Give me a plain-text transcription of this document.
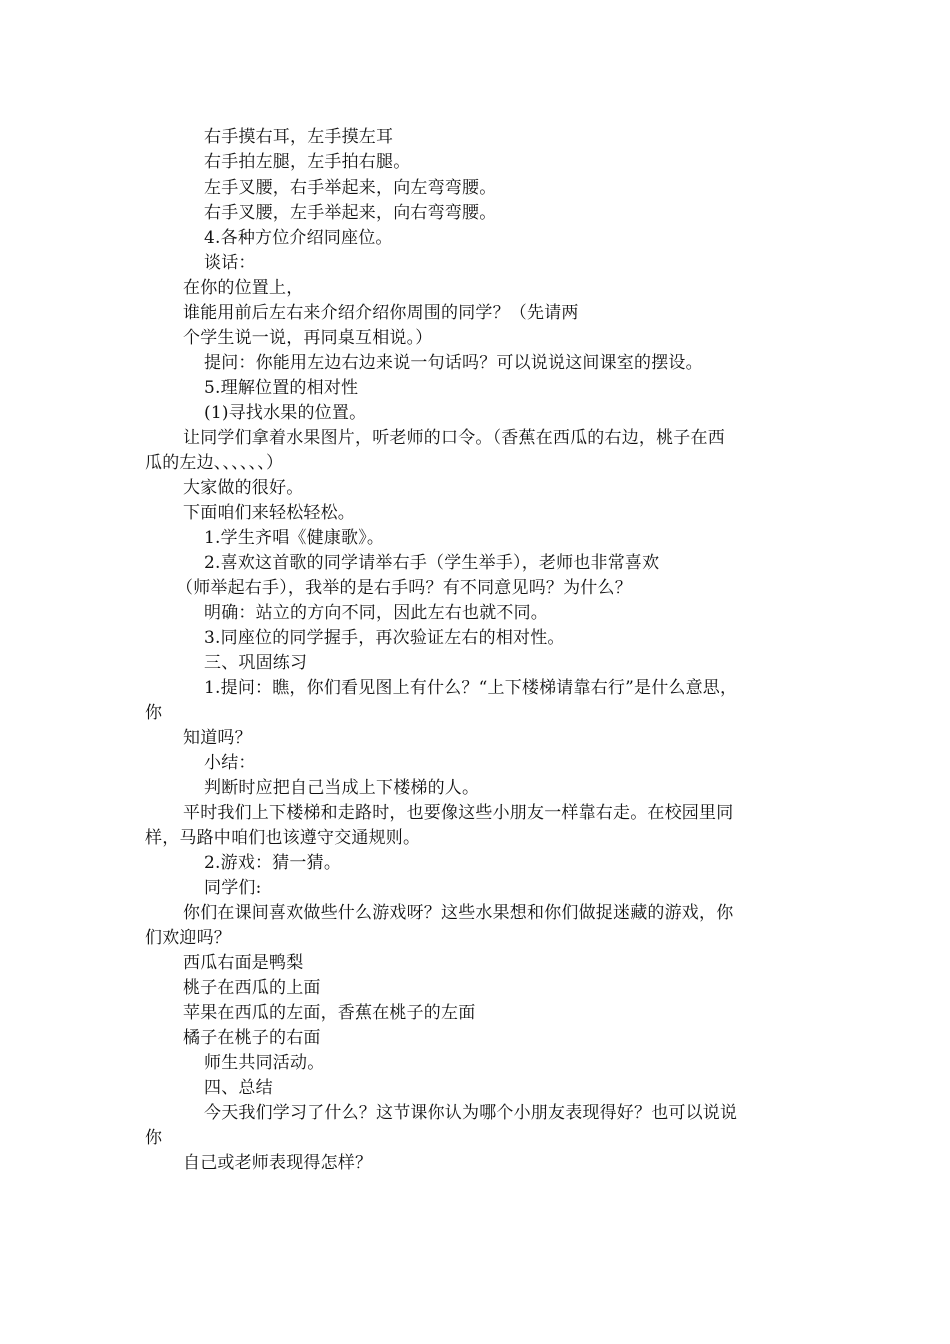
右手摸右耳，左手摸左耳
右手拍左腿，左手拍右腿。
左手叉腰，右手举起来，向左弯弯腰。
右手叉腰，左手举起来，向右弯弯腰。
4.各种方位介绍同座位。
谈话：
在你的位置上，
谁能用前后左右来介绍介绍你周围的同学？（先请两
个学生说一说，再同桌互相说。）
提问：你能用左边右边来说一句话吗？可以说说这间课室的摆设。
5.理解位置的相对性
(1)寻找水果的位置。
让同学们拿着水果图片，听老师的口令。（香蕉在西瓜的右边，桃子在西
瓜的左边、、、、、、）
大家做的很好。
下面咱们来轻松轻松。
1.学生齐唱《健康歌》。
2.喜欢这首歌的同学请举右手（学生举手），老师也非常喜欢
（师举起右手），我举的是右手吗？有不同意见吗？为什么？
明确：站立的方向不同，因此左右也就不同。
3.同座位的同学握手，再次验证左右的相对性。
三、巩固练习
1.提问：瞧，你们看见图上有什么？“上下楼梯请靠右行”是什么意思，
你
知道吗？
小结：
判断时应把自己当成上下楼梯的人。
平时我们上下楼梯和走路时，也要像这些小朋友一样靠右走。在校园里同
样，马路中咱们也该遵守交通规则。
2.游戏：猜一猜。
同学们:
你们在课间喜欢做些什么游戏呀？这些水果想和你们做捉迷藏的游戏，你
们欢迎吗？
西瓜右面是鸭梨
桃子在西瓜的上面
苹果在西瓜的左面，香蕉在桃子的左面
橘子在桃子的右面
师生共同活动。
四、总结
今天我们学习了什么？这节课你认为哪个小朋友表现得好？也可以说说
你
自己或老师表现得怎样？
